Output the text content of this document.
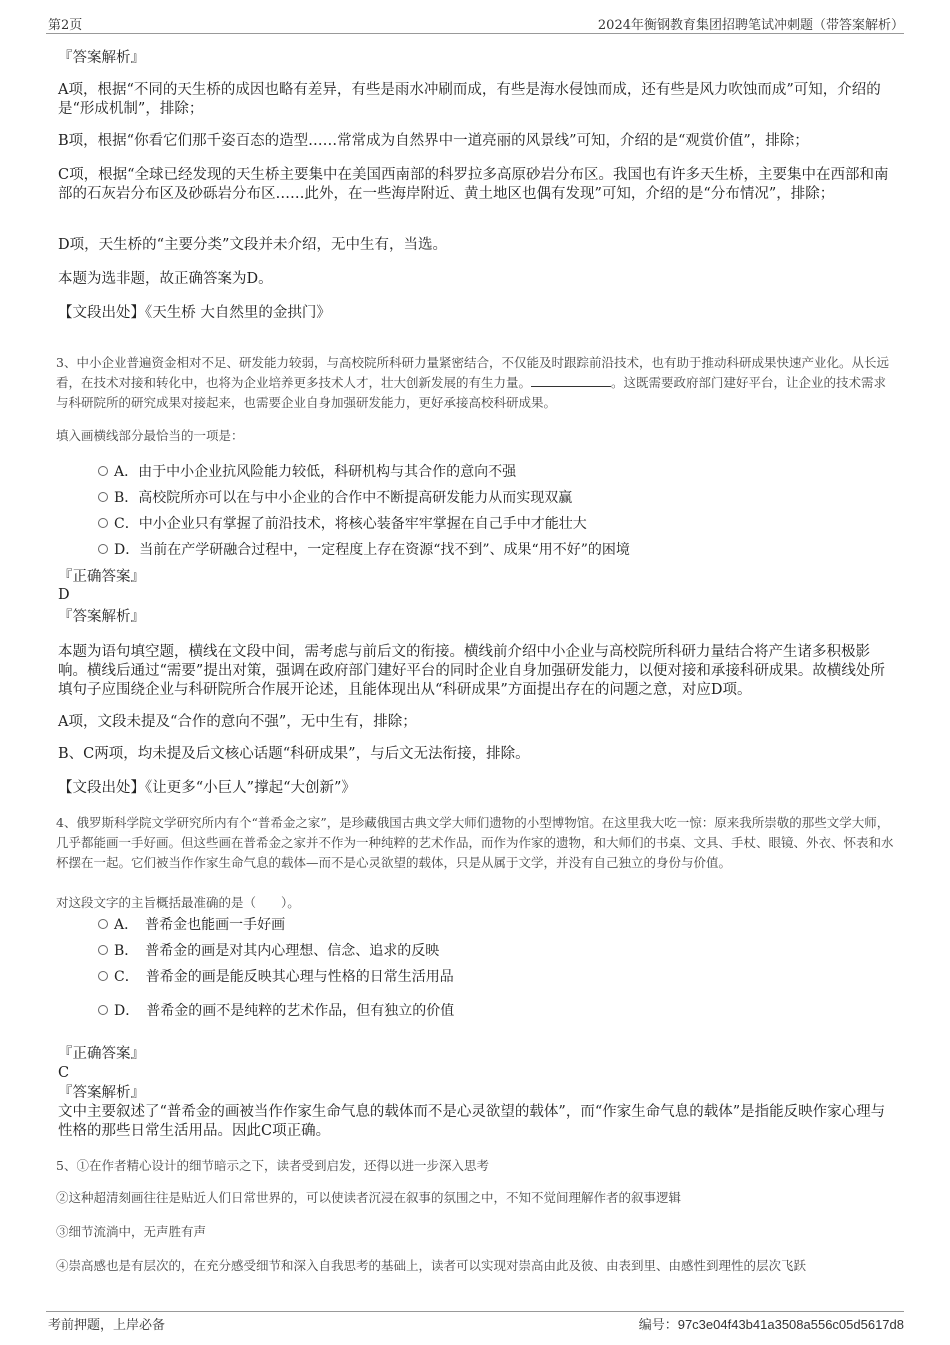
第2页	2024年衡钢教育集团招聘笔试冲刺题（带答案解析）
『答案解析』
A项，根据“不同的天生桥的成因也略有差异，有些是雨水冲刷而成，有些是海水侵蚀而成，还有些是风力吹蚀而成”可知，介绍的是“形成机制”，排除；
B项，根据“你看它们那千姿百态的造型……常常成为自然界中一道亮丽的风景线”可知，介绍的是“观赏价值”，排除；
C项，根据“全球已经发现的天生桥主要集中在美国西南部的科罗拉多高原砂岩分布区。我国也有许多天生桥，主要集中在西部和南部的石灰岩分布区及砂砾岩分布区……此外，在一些海岸附近、黄土地区也偶有发现”可知，介绍的是“分布情况”，排除；
D项，天生桥的“主要分类”文段并未介绍，无中生有，当选。
本题为选非题，故正确答案为D。
【文段出处】《天生桥 大自然里的金拱门》
3、中小企业普遍资金相对不足、研发能力较弱，与高校院所科研力量紧密结合，不仅能及时跟踪前沿技术，也有助于推动科研成果快速产业化。从长远看，在技术对接和转化中，也将为企业培养更多技术人才，壮大创新发展的有生力量。	。这既需要政府部门建好平台，让企业的技术需求与科研院所的研究成果对接起来，也需要企业自身加强研发能力，更好承接高校科研成果。
填入画横线部分最恰当的一项是：
A．由于中小企业抗风险能力较低，科研机构与其合作的意向不强
B．高校院所亦可以在与中小企业的合作中不断提高研发能力从而实现双赢
C．中小企业只有掌握了前沿技术，将核心装备牢牢掌握在自己手中才能壮大
D．当前在产学研融合过程中，一定程度上存在资源“找不到”、成果“用不好”的困境
『正确答案』
D
『答案解析』
本题为语句填空题，横线在文段中间，需考虑与前后文的衔接。横线前介绍中小企业与高校院所科研力量结合将产生诸多积极影响。横线后通过“需要”提出对策，强调在政府部门建好平台的同时企业自身加强研发能力，以便对接和承接科研成果。故横线处所填句子应围绕企业与科研院所合作展开论述，且能体现出从“科研成果”方面提出存在的问题之意，对应D项。
A项，文段未提及“合作的意向不强”，无中生有，排除；
B、C两项，均未提及后文核心话题“科研成果”，与后文无法衔接，排除。
【文段出处】《让更多“小巨人”撑起“大创新”》
4、俄罗斯科学院文学研究所内有个“普希金之家”，是珍藏俄国古典文学大师们遗物的小型博物馆。在这里我大吃一惊：原来我所崇敬的那些文学大师，几乎都能画一手好画。但这些画在普希金之家并不作为一种纯粹的艺术作品，而作为作家的遗物，和大师们的书桌、文具、手杖、眼镜、外衣、怀表和水杯摆在一起。它们被当作作家生命气息的载体—而不是心灵欲望的载体，只是从属于文学，并没有自己独立的身份与价值。
对这段文字的主旨概括最准确的是（　　）。
A．　普希金也能画一手好画
B．　普希金的画是对其内心理想、信念、追求的反映
C．　普希金的画是能反映其心理与性格的日常生活用品
D．　普希金的画不是纯粹的艺术作品，但有独立的价值
『正确答案』
C
『答案解析』
文中主要叙述了“普希金的画被当作作家生命气息的载体而不是心灵欲望的载体”，而“作家生命气息的载体”是指能反映作家心理与性格的那些日常生活用品。因此C项正确。
5、①在作者精心设计的细节暗示之下，读者受到启发，还得以进一步深入思考
②这种超清刻画往往是贴近人们日常世界的，可以使读者沉浸在叙事的氛围之中，不知不觉间理解作者的叙事逻辑
③细节流淌中，无声胜有声
④崇高感也是有层次的，在充分感受细节和深入自我思考的基础上，读者可以实现对崇高由此及彼、由表到里、由感性到理性的层次飞跃
考前押题，上岸必备	编号：97c3e04f43b41a3508a556c05d5617d8
